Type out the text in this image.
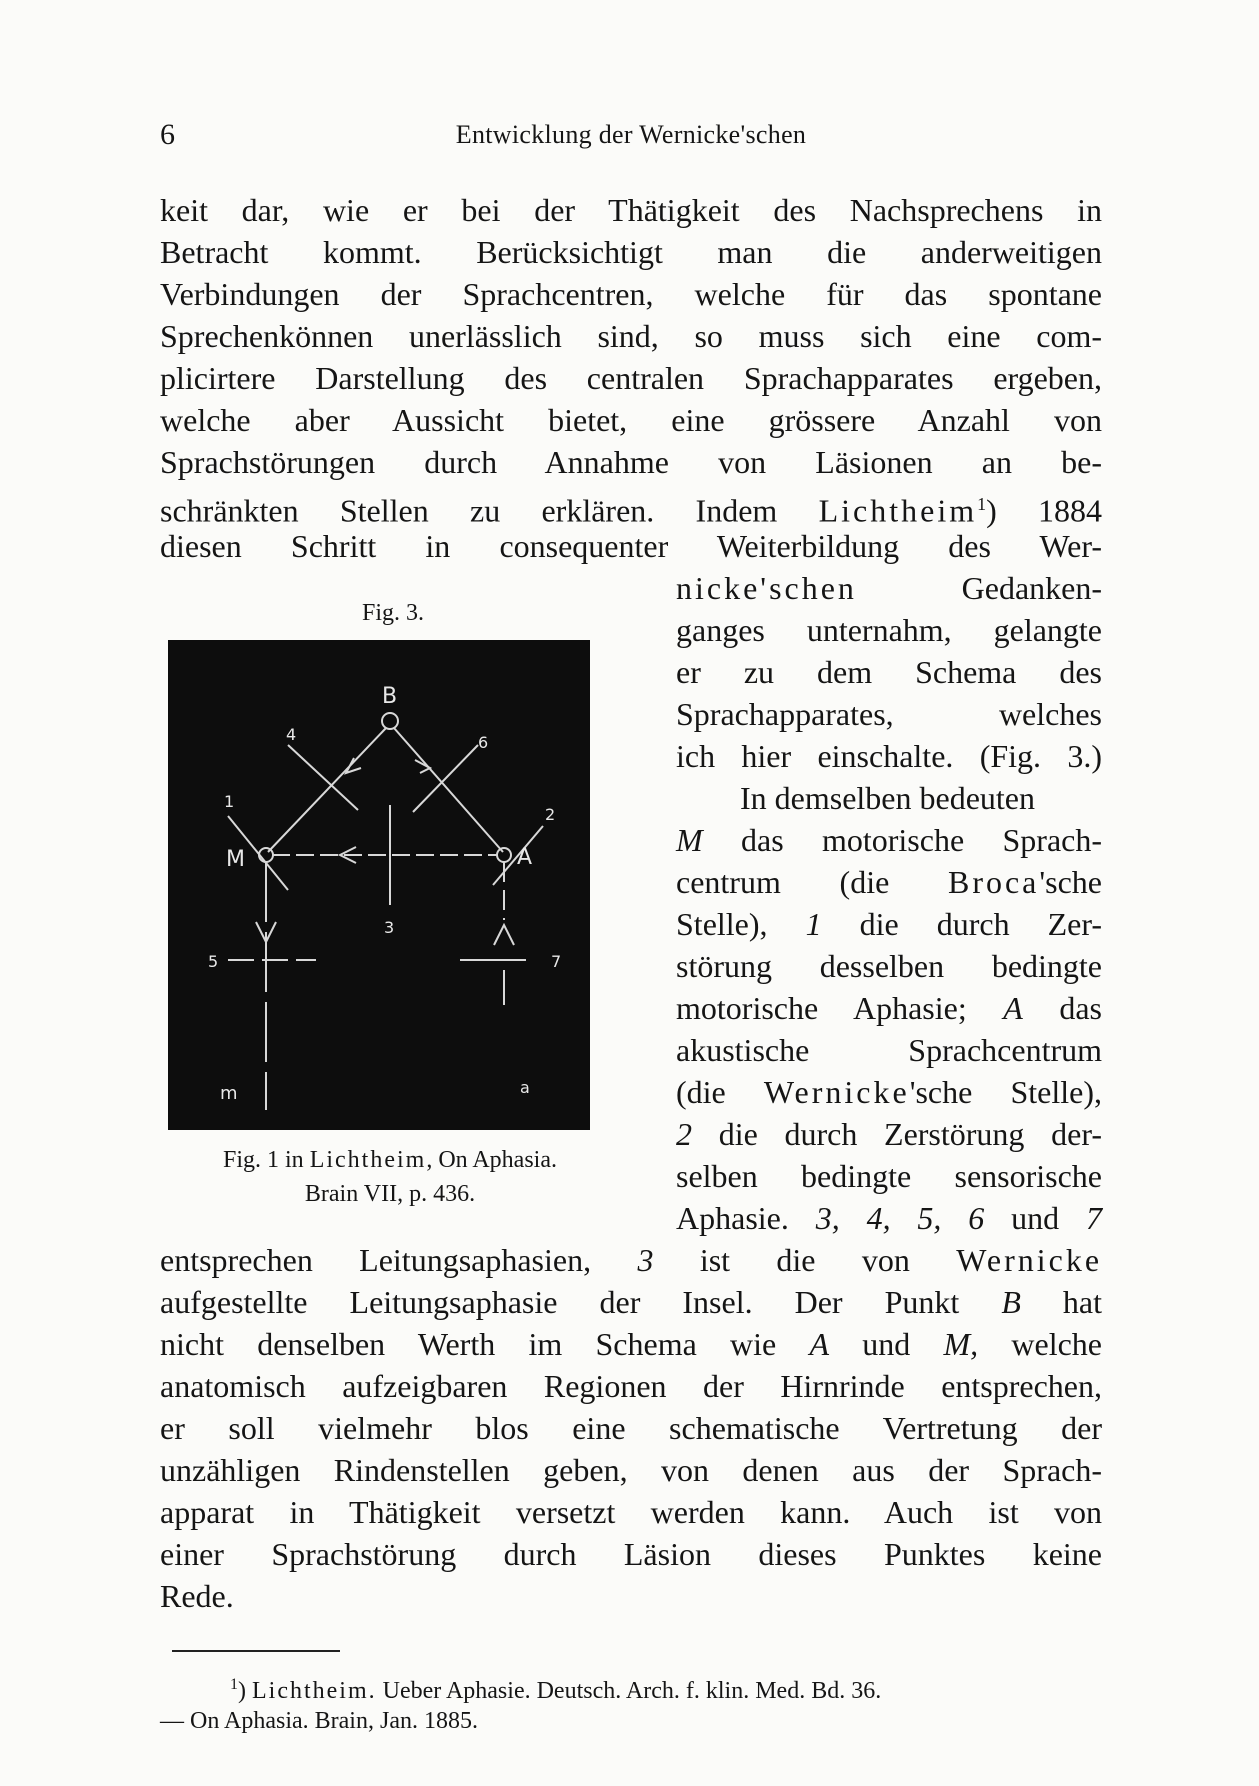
6	Entwicklung der Wernicke'schen
keit dar, wie er bei der Thätigkeit des Nachsprechens in
Betracht kommt. Berücksichtigt man die anderweitigen
Verbindungen der Sprachcentren, welche für das spontane
Sprechenkönnen unerlässlich sind, so muss sich eine com-
plicirtere Darstellung des centralen Sprachapparates ergeben,
welche aber Aussicht bietet, eine grössere Anzahl von
Sprachstörungen durch Annahme von Läsionen an be-
schränkten Stellen zu erklären. Indem Lichtheim$^1$) 1884
diesen Schritt in consequenter Weiterbildung des Wer-
Fig. 3.
B
M	A
m	a
1
2
3
4
5
6
7
Fig. 1 in Lichtheim, On Aphasia.
Brain VII, p. 436.
nicke'schen	Gedanken-
ganges unternahm, gelangte
er zu dem Schema des
Sprachapparates, welches
ich hier einschalte. (Fig. 3.)
In demselben bedeuten
M das motorische Sprach-
centrum (die Broca'sche
Stelle), 1 die durch Zer-
störung desselben bedingte
motorische Aphasie; A das
akustische Sprachcentrum
(die Wernicke'sche Stelle),
2 die durch Zerstörung der-
selben bedingte sensorische
Aphasie. 3, 4, 5, 6 und 7
entsprechen Leitungsaphasien, 3 ist die von Wernicke
aufgestellte Leitungsaphasie der Insel. Der Punkt B hat
nicht denselben Werth im Schema wie A und M, welche
anatomisch aufzeigbaren Regionen der Hirnrinde entsprechen,
er soll vielmehr blos eine schematische Vertretung der
unzähligen Rindenstellen geben, von denen aus der Sprach-
apparat in Thätigkeit versetzt werden kann. Auch ist von
einer Sprachstörung durch Läsion dieses Punktes keine
Rede.
$^1$) Lichtheim. Ueber Aphasie. Deutsch. Arch. f. klin. Med. Bd. 36.
— On Aphasia. Brain, Jan. 1885.
